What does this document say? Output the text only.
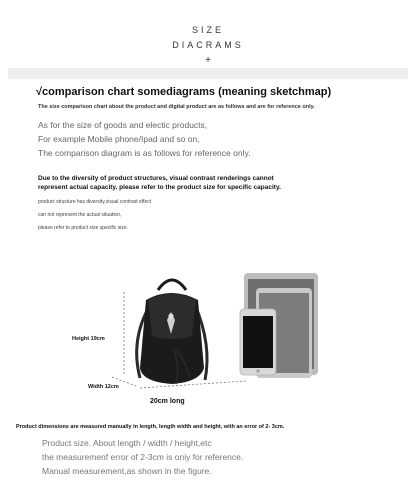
SIZE
DIACRAMS
+
√comparison chart somediagrams (meaning sketchmap)
The size comparison chart about the product and digital product are as follows and are for reference only.
As for the size of goods and electic products,
For example Mobile phone/Ipad and so on,
The comparison diagram is as follows for reference only.
Due to the diversity of product structures, visual contrast renderings cannot
represent actual capacity. please refer to the product size for specific capacity.
product structure has diversity,visual contrast effect
can not represent the actual situation,
please refer to product size specific size.
Height 19cm
Width 12cm
20cm long
Product dimensions are measured manually in length, length width and height, with an error of 2- 3cm.
Product size. About length / width / height,etc
the measuremenf error of 2-3cm is oniy for reference.
Manual measurement,as shown in the figure.
